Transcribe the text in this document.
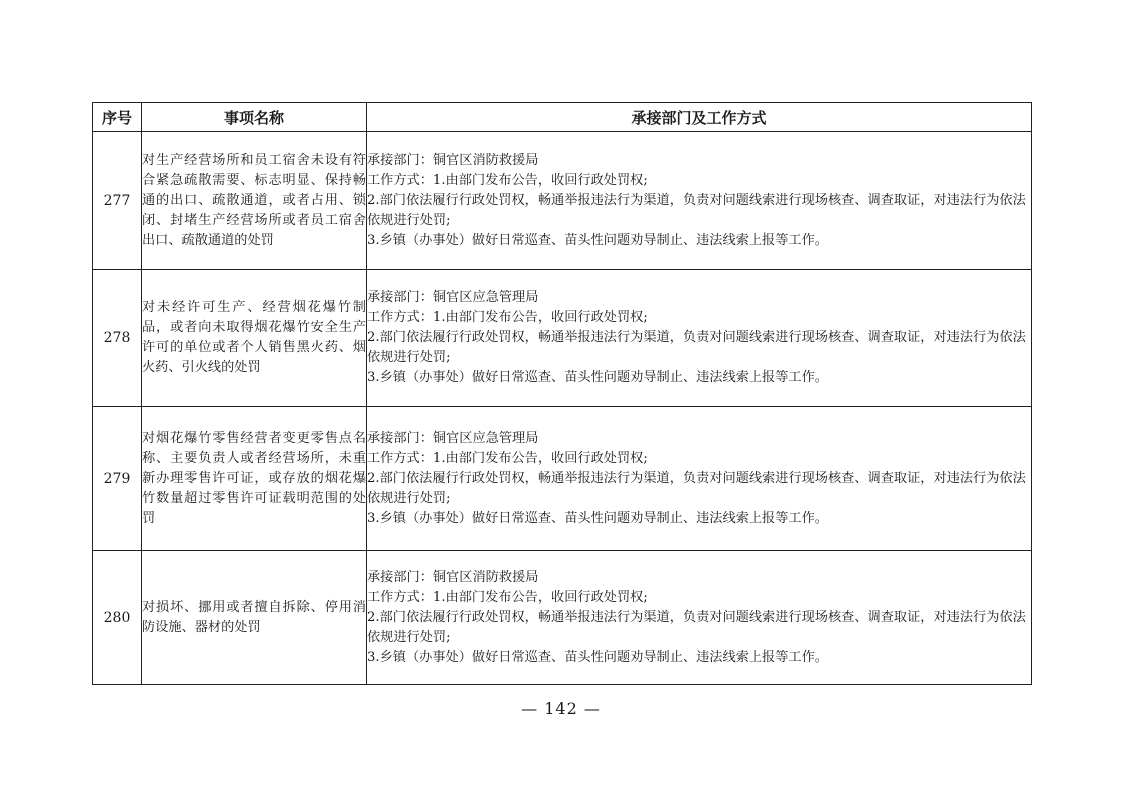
序号	事项名称	承接部门及工作方式
277	对生产经营场所和员工宿舍未设有符合紧急疏散需要、标志明显、保持畅通的出口、疏散通道，或者占用、锁闭、封堵生产经营场所或者员工宿舍出口、疏散通道的处罚	承接部门：铜官区消防救援局
工作方式：1.由部门发布公告，收回行政处罚权;
2.部门依法履行行政处罚权，畅通举报违法行为渠道，负责对问题线索进行现场核查、调查取证，对违法行为依法依规进行处罚;
3.乡镇（办事处）做好日常巡查、苗头性问题劝导制止、违法线索上报等工作。

278	对未经许可生产、经营烟花爆竹制品，或者向未取得烟花爆竹安全生产许可的单位或者个人销售黑火药、烟火药、引火线的处罚	承接部门：铜官区应急管理局
工作方式：1.由部门发布公告，收回行政处罚权;
2.部门依法履行行政处罚权，畅通举报违法行为渠道，负责对问题线索进行现场核查、调查取证，对违法行为依法依规进行处罚;
3.乡镇（办事处）做好日常巡查、苗头性问题劝导制止、违法线索上报等工作。

279	对烟花爆竹零售经营者变更零售点名称、主要负责人或者经营场所，未重新办理零售许可证，或存放的烟花爆竹数量超过零售许可证载明范围的处罚	承接部门：铜官区应急管理局
工作方式：1.由部门发布公告，收回行政处罚权;
2.部门依法履行行政处罚权，畅通举报违法行为渠道，负责对问题线索进行现场核查、调查取证，对违法行为依法依规进行处罚;
3.乡镇（办事处）做好日常巡查、苗头性问题劝导制止、违法线索上报等工作。

280	对损坏、挪用或者擅自拆除、停用消防设施、器材的处罚	承接部门：铜官区消防救援局
工作方式：1.由部门发布公告，收回行政处罚权;
2.部门依法履行行政处罚权，畅通举报违法行为渠道，负责对问题线索进行现场核查、调查取证，对违法行为依法依规进行处罚;
3.乡镇（办事处）做好日常巡查、苗头性问题劝导制止、违法线索上报等工作。
— 142 —
